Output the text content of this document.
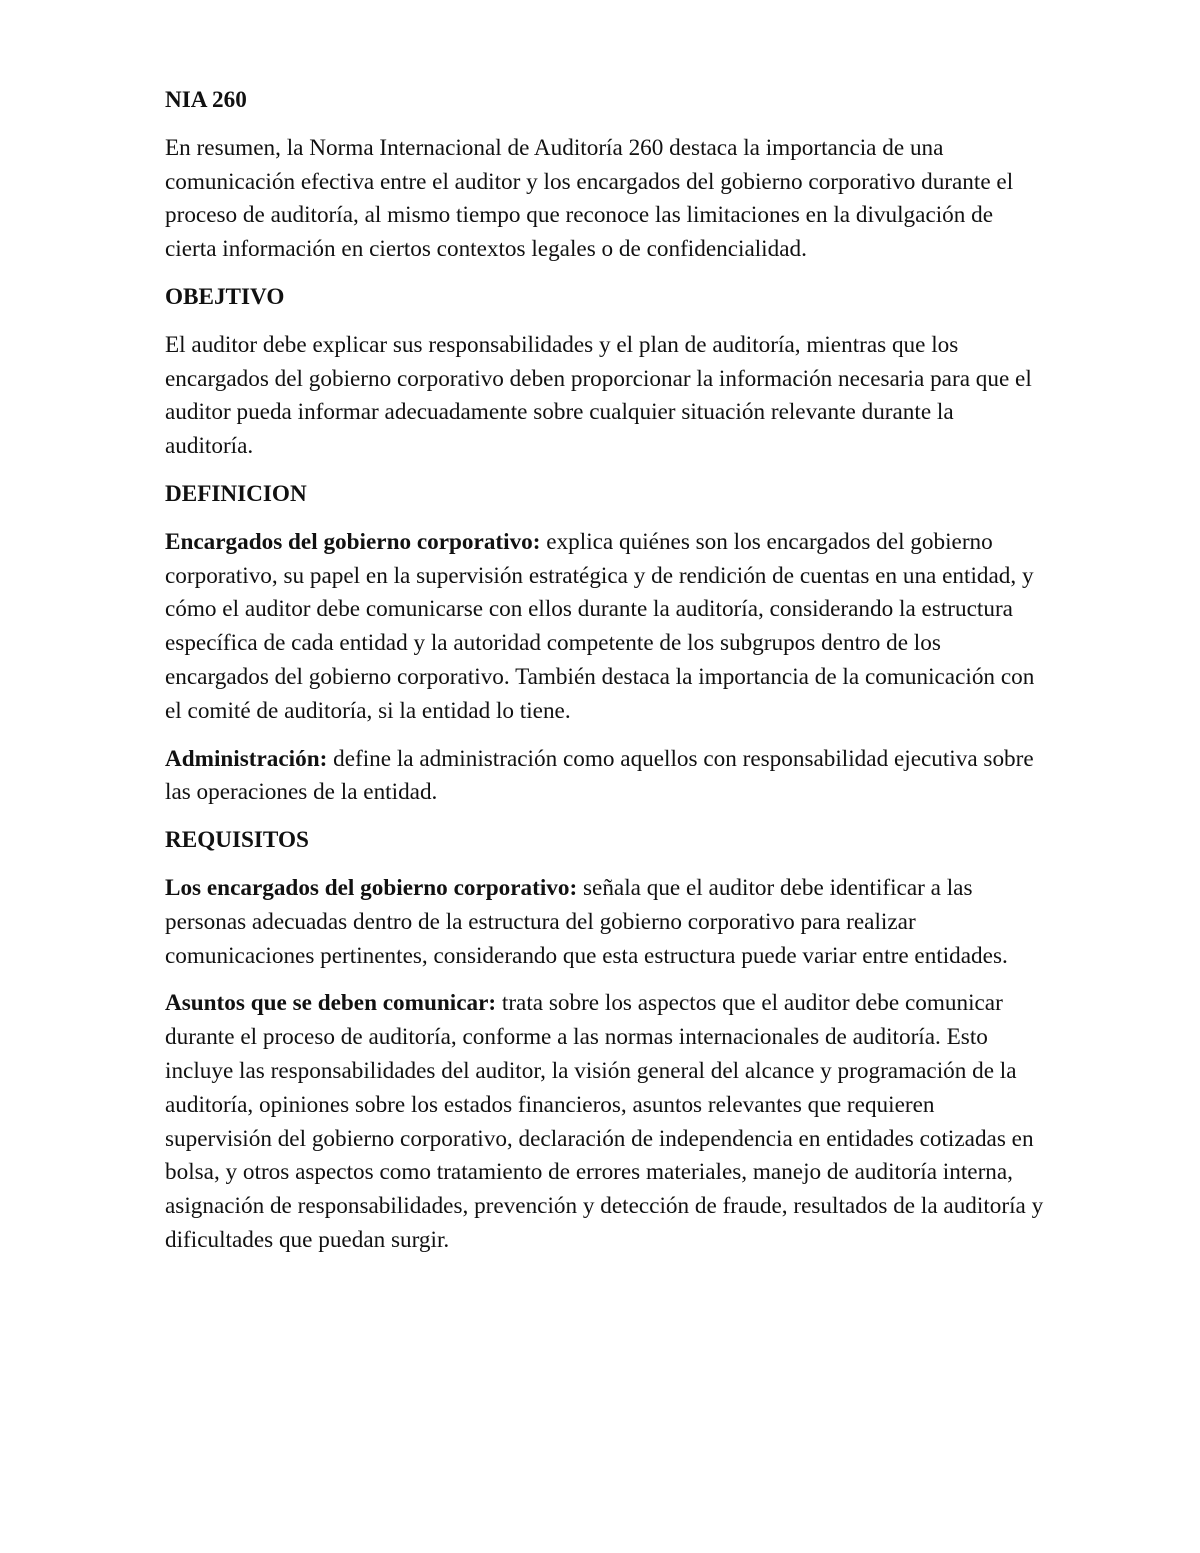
NIA 260

En resumen, la Norma Internacional de Auditoría 260 destaca la importancia de una comunicación efectiva entre el auditor y los encargados del gobierno corporativo durante el proceso de auditoría, al mismo tiempo que reconoce las limitaciones en la divulgación de cierta información en ciertos contextos legales o de confidencialidad.

OBEJTIVO

El auditor debe explicar sus responsabilidades y el plan de auditoría, mientras que los encargados del gobierno corporativo deben proporcionar la información necesaria para que el auditor pueda informar adecuadamente sobre cualquier situación relevante durante la auditoría.

DEFINICION

Encargados del gobierno corporativo: explica quiénes son los encargados del gobierno corporativo, su papel en la supervisión estratégica y de rendición de cuentas en una entidad, y cómo el auditor debe comunicarse con ellos durante la auditoría, considerando la estructura específica de cada entidad y la autoridad competente de los subgrupos dentro de los encargados del gobierno corporativo. También destaca la importancia de la comunicación con el comité de auditoría, si la entidad lo tiene.

Administración: define la administración como aquellos con responsabilidad ejecutiva sobre las operaciones de la entidad.

REQUISITOS

Los encargados del gobierno corporativo: señala que el auditor debe identificar a las personas adecuadas dentro de la estructura del gobierno corporativo para realizar comunicaciones pertinentes, considerando que esta estructura puede variar entre entidades.

Asuntos que se deben comunicar: trata sobre los aspectos que el auditor debe comunicar durante el proceso de auditoría, conforme a las normas internacionales de auditoría. Esto incluye las responsabilidades del auditor, la visión general del alcance y programación de la auditoría, opiniones sobre los estados financieros, asuntos relevantes que requieren supervisión del gobierno corporativo, declaración de independencia en entidades cotizadas en bolsa, y otros aspectos como tratamiento de errores materiales, manejo de auditoría interna, asignación de responsabilidades, prevención y detección de fraude, resultados de la auditoría y dificultades que puedan surgir.
